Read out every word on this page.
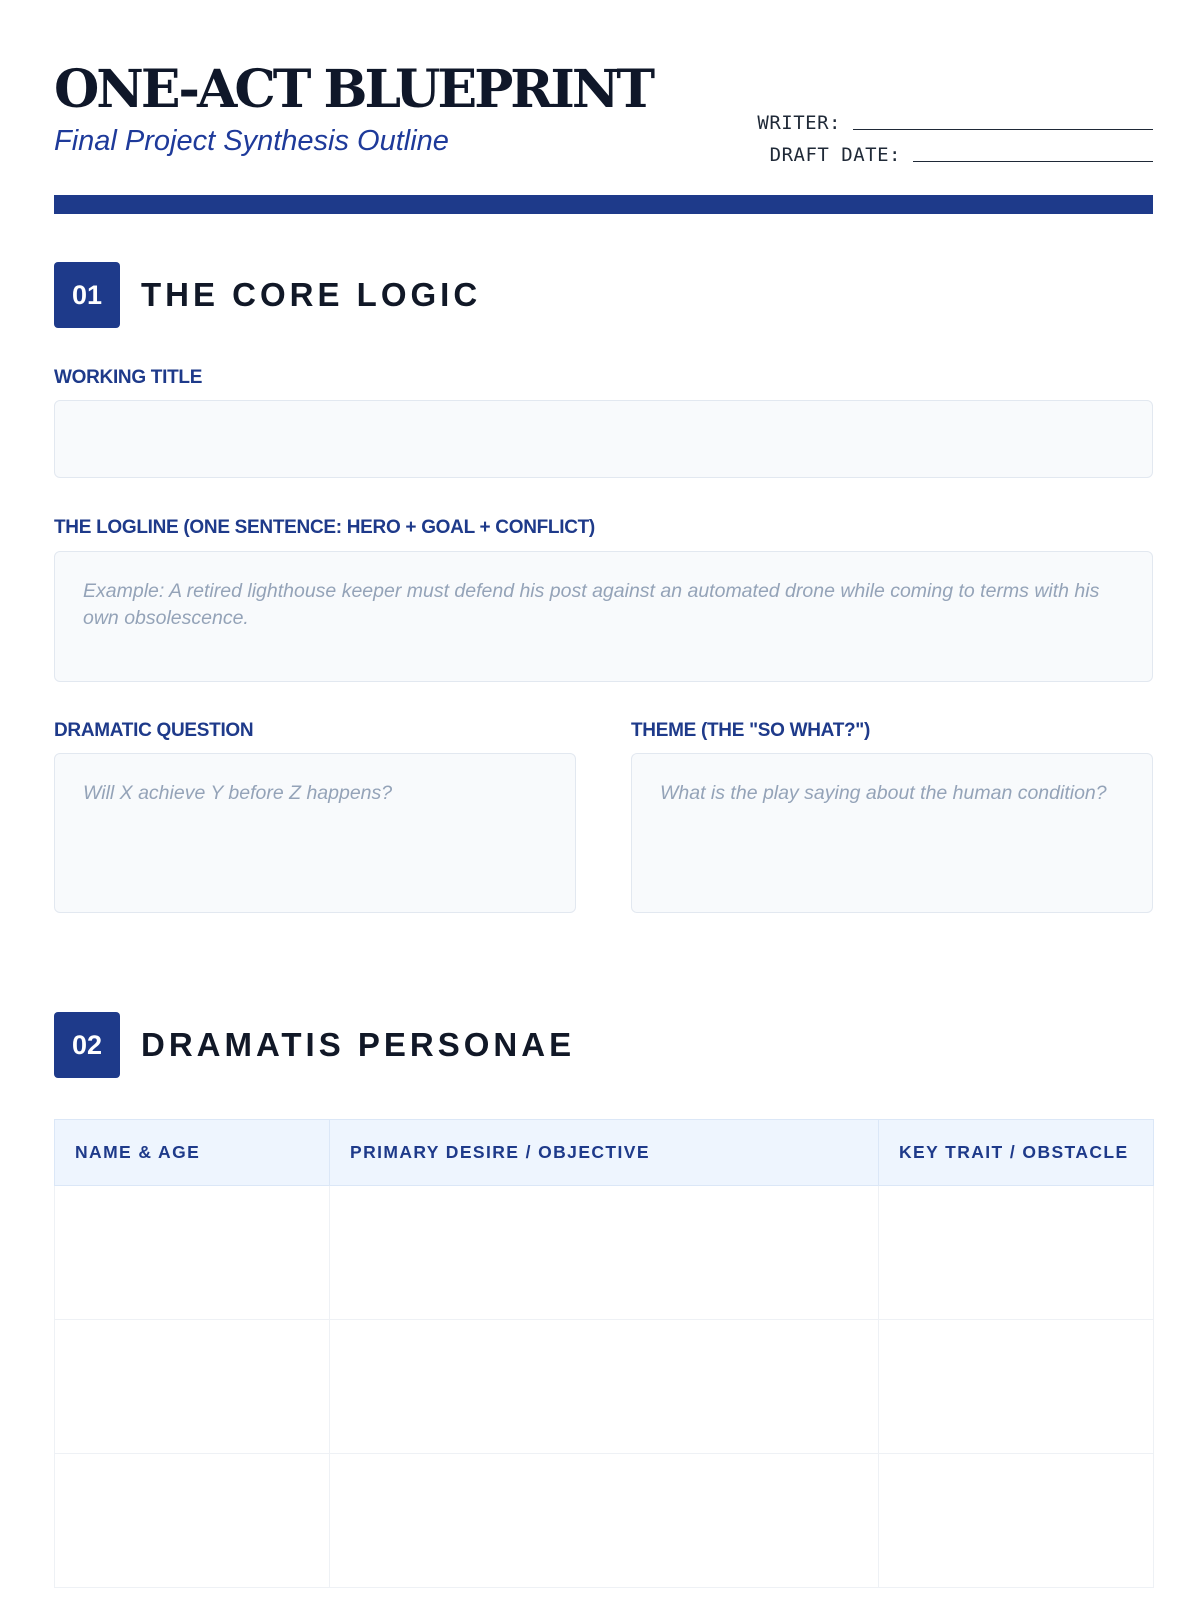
ONE-ACT BLUEPRINT

Final Project Synthesis Outline

WRITER:
DRAFT DATE:
01	THE CORE LOGIC

WORKING TITLE

THE LOGLINE (ONE SENTENCE: HERO + GOAL + CONFLICT)

Example: A retired lighthouse keeper must defend his post against an automated drone while coming to terms with his own obsolescence.

DRAMATIC QUESTION

Will X achieve Y before Z happens?

THEME (THE "SO WHAT?")

What is the play saying about the human condition?
02	DRAMATIS PERSONAE
NAME & AGE	PRIMARY DESIRE / OBJECTIVE	KEY TRAIT / OBSTACLE
